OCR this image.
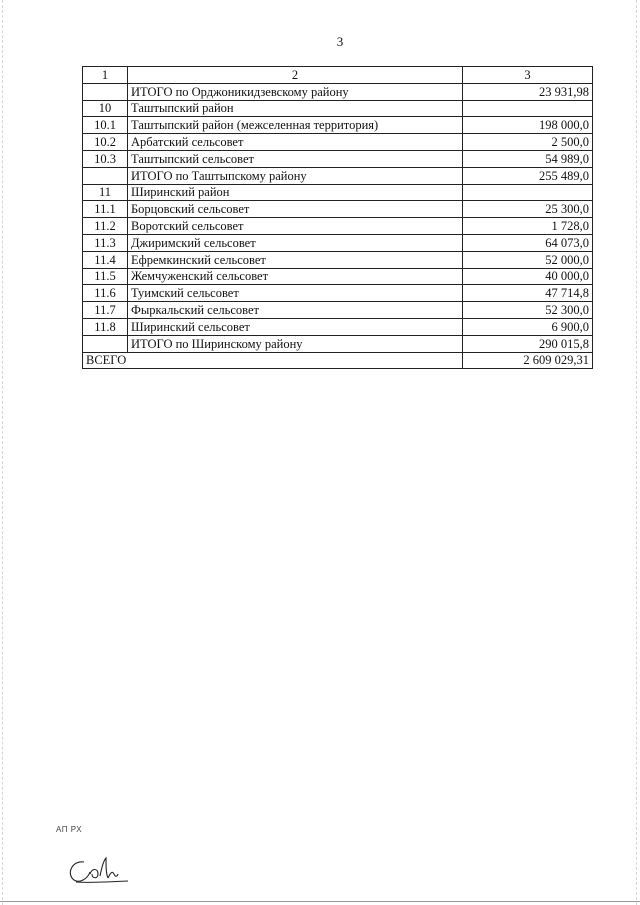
3
1	2	3
	ИТОГО по Орджоникидзевскому району	23 931,98
10	Таштыпский район	
10.1	Таштыпский район (межселенная территория)	198 000,0
10.2	Арбатский сельсовет	2 500,0
10.3	Таштыпский сельсовет	54 989,0
	ИТОГО по Таштыпскому району	255 489,0
11	Ширинский район	
11.1	Борцовский сельсовет	25 300,0
11.2	Воротский сельсовет	1 728,0
11.3	Джиримский сельсовет	64 073,0
11.4	Ефремкинский сельсовет	52 000,0
11.5	Жемчуженский сельсовет	40 000,0
11.6	Туимский сельсовет	47 714,8
11.7	Фыркальский сельсовет	52 300,0
11.8	Ширинский сельсовет	6 900,0
	ИТОГО по Ширинскому району	290 015,8
ВСЕГО		2 609 029,31
АП РХ
